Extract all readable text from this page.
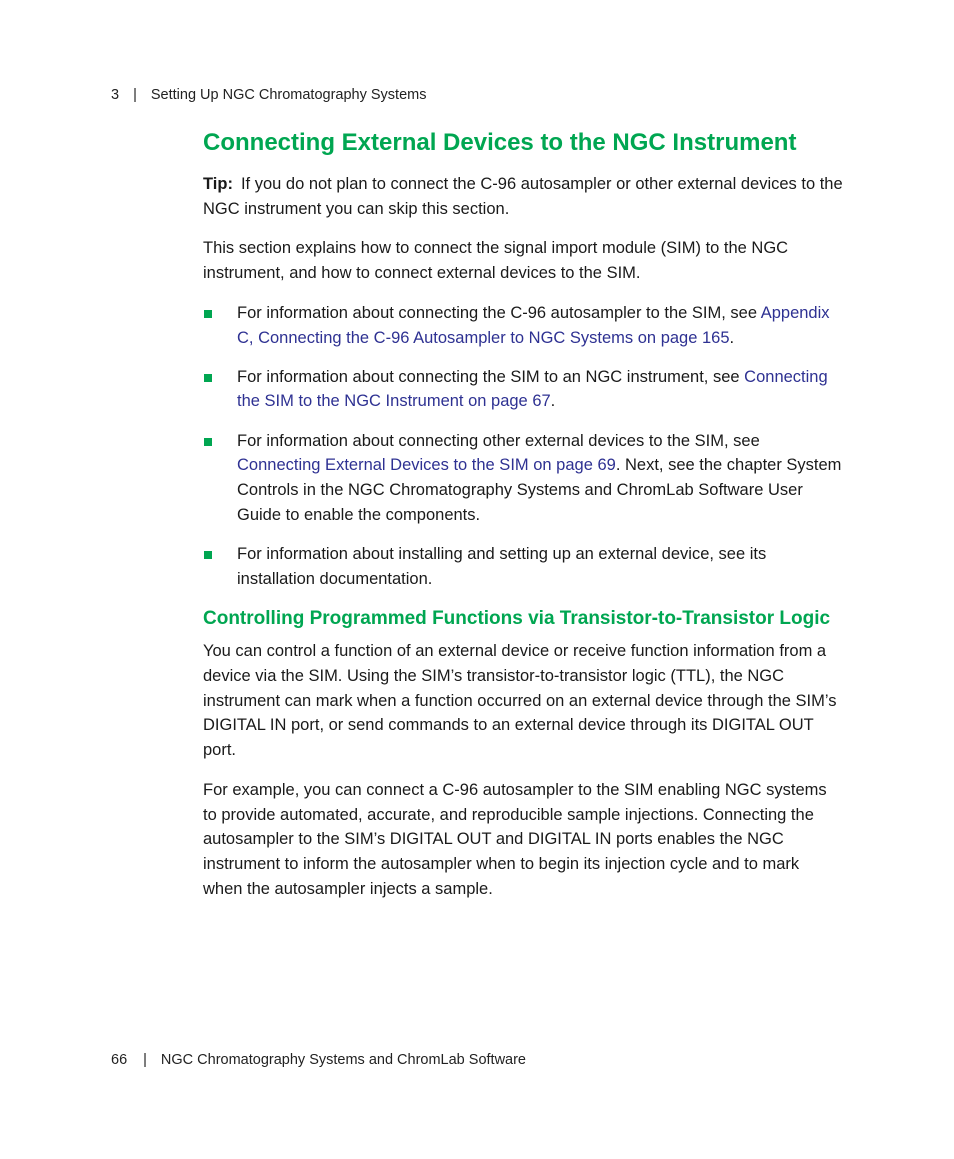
3 | Setting Up NGC Chromatography Systems
Connecting External Devices to the NGC Instrument

Tip: If you do not plan to connect the C-96 autosampler or other external devices to the NGC instrument you can skip this section.

This section explains how to connect the signal import module (SIM) to the NGC instrument, and how to connect external devices to the SIM.

For information about connecting the C-96 autosampler to the SIM, see Appendix C, Connecting the C-96 Autosampler to NGC Systems on page 165.
For information about connecting the SIM to an NGC instrument, see Connecting the SIM to the NGC Instrument on page 67.
For information about connecting other external devices to the SIM, see Connecting External Devices to the SIM on page 69. Next, see the chapter System Controls in the NGC Chromatography Systems and ChromLab Software User Guide to enable the components.
For information about installing and setting up an external device, see its installation documentation.
Controlling Programmed Functions via Transistor-to-Transistor Logic

You can control a function of an external device or receive function information from a device via the SIM. Using the SIM’s transistor-to-transistor logic (TTL), the NGC instrument can mark when a function occurred on an external device through the SIM’s DIGITAL IN port, or send commands to an external device through its DIGITAL OUT port.

For example, you can connect a C-96 autosampler to the SIM enabling NGC systems to provide automated, accurate, and reproducible sample injections. Connecting the autosampler to the SIM’s DIGITAL OUT and DIGITAL IN ports enables the NGC instrument to inform the autosampler when to begin its injection cycle and to mark when the autosampler injects a sample.

66 | NGC Chromatography Systems and ChromLab Software
